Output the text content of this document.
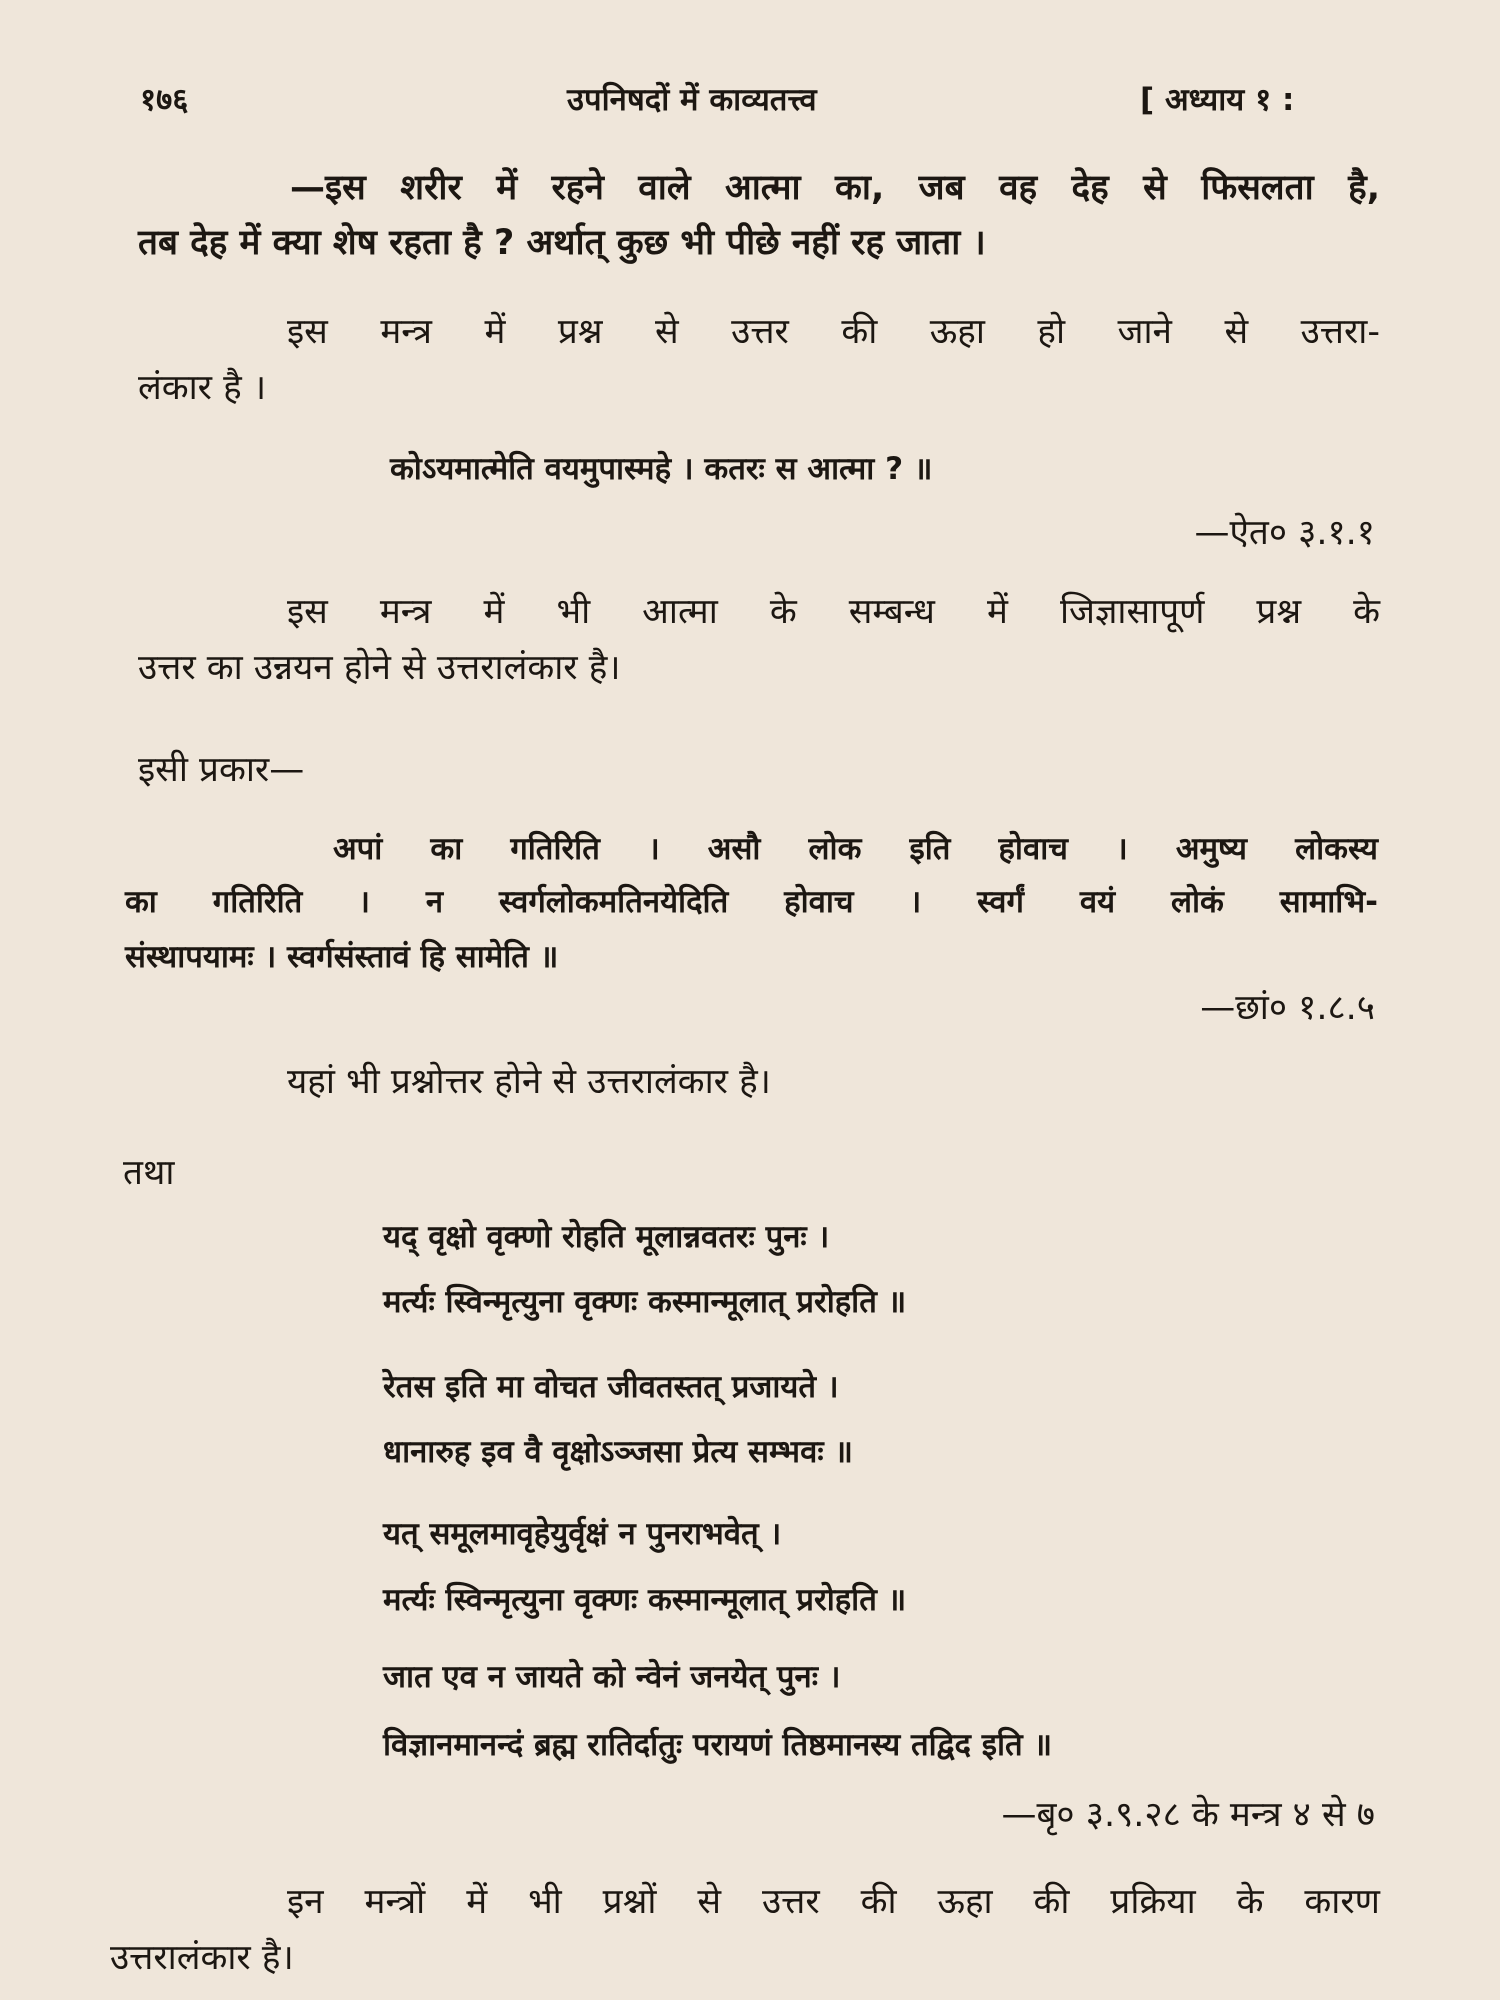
१७६	उपनिषदों में काव्यतत्त्व	[ अध्याय १ :
—इस शरीर में रहने वाले आत्मा का, जब वह देह से फिसलता है,
तब देह में क्या शेष रहता है ? अर्थात् कुछ भी पीछे नहीं रह जाता ।
इस मन्त्र में प्रश्न से उत्तर की ऊहा हो जाने से उत्तरा-
लंकार है ।
कोऽयमात्मेति वयमुपास्महे । कतरः स आत्मा ? ॥
—ऐत० ३.१.१
इस मन्त्र में भी आत्मा के सम्बन्ध में जिज्ञासापूर्ण प्रश्न के
उत्तर का उन्नयन होने से उत्तरालंकार है।
इसी प्रकार—
अपां का गतिरिति । असौ लोक इति होवाच । अमुष्य लोकस्य
का गतिरिति । न स्वर्गलोकमतिनयेदिति होवाच । स्वर्गं वयं लोकं सामाभि-
संस्थापयामः । स्वर्गसंस्तावं हि सामेति ॥
—छां० १.८.५
यहां भी प्रश्नोत्तर होने से उत्तरालंकार है।
तथा
यद् वृक्षो वृक्णो रोहति मूलान्नवतरः पुनः ।
मर्त्यः स्विन्मृत्युना वृक्णः कस्मान्मूलात् प्ररोहति ॥
रेतस इति मा वोचत जीवतस्तत् प्रजायते ।
धानारुह इव वै वृक्षोऽञ्जसा प्रेत्य सम्भवः ॥
यत् समूलमावृहेयुर्वृक्षं न पुनराभवेत् ।
मर्त्यः स्विन्मृत्युना वृक्णः कस्मान्मूलात् प्ररोहति ॥
जात एव न जायते को न्वेनं जनयेत् पुनः ।
विज्ञानमानन्दं ब्रह्म रातिर्दातुः परायणं तिष्ठमानस्य तद्विद इति ॥
—बृ० ३.९.२८ के मन्त्र ४ से ७
इन मन्त्रों में भी प्रश्नों से उत्तर की ऊहा की प्रक्रिया के कारण
उत्तरालंकार है।
